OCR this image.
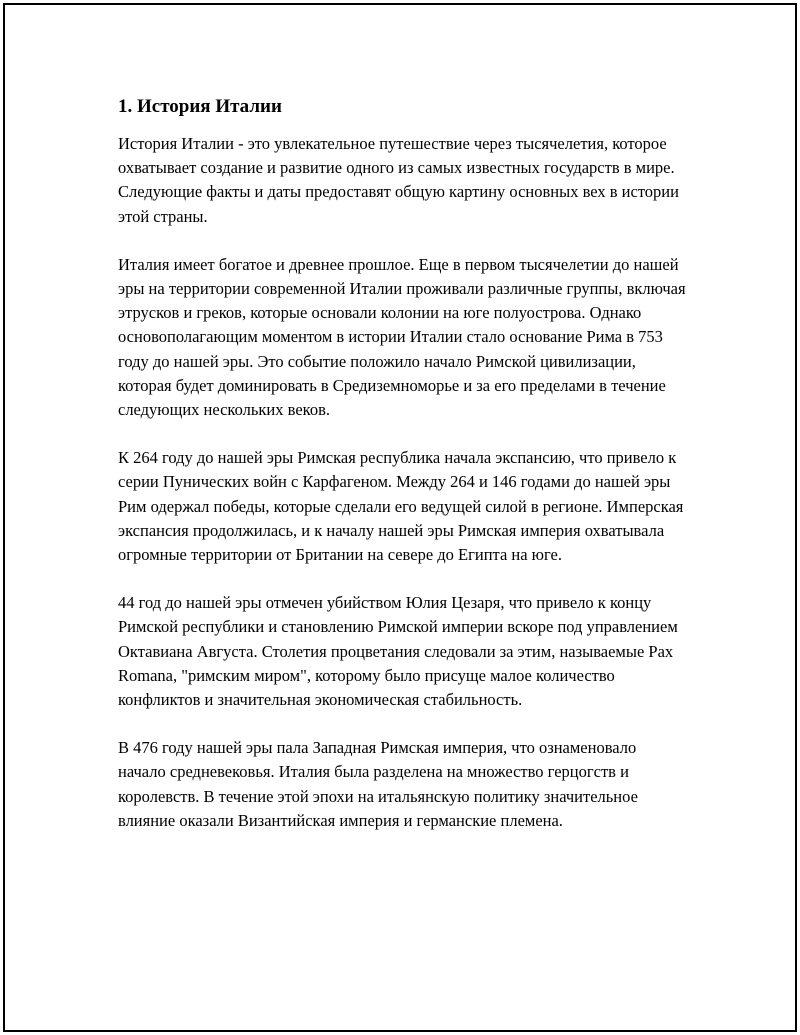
1. История Италии

История Италии - это увлекательное путешествие через тысячелетия, которое охватывает создание и развитие одного из самых известных государств в мире. Следующие факты и даты предоставят общую картину основных вех в истории этой страны.

Италия имеет богатое и древнее прошлое. Еще в первом тысячелетии до нашей эры на территории современной Италии проживали различные группы, включая этрусков и греков, которые основали колонии на юге полуострова. Однако основополагающим моментом в истории Италии стало основание Рима в 753 году до нашей эры. Это событие положило начало Римской цивилизации, которая будет доминировать в Средиземноморье и за его пределами в течение следующих нескольких веков.

К 264 году до нашей эры Римская республика начала экспансию, что привело к серии Пунических войн с Карфагеном. Между 264 и 146 годами до нашей эры Рим одержал победы, которые сделали его ведущей силой в регионе. Имперская экспансия продолжилась, и к началу нашей эры Римская империя охватывала огромные территории от Британии на севере до Египта на юге.

44 год до нашей эры отмечен убийством Юлия Цезаря, что привело к концу Римской республики и становлению Римской империи вскоре под управлением Октавиана Августа. Столетия процветания следовали за этим, называемые Pax Romana, "римским миром", которому было присуще малое количество конфликтов и значительная экономическая стабильность.

В 476 году нашей эры пала Западная Римская империя, что ознаменовало начало средневековья. Италия была разделена на множество герцогств и королевств. В течение этой эпохи на итальянскую политику значительное влияние оказали Византийская империя и германские племена.
